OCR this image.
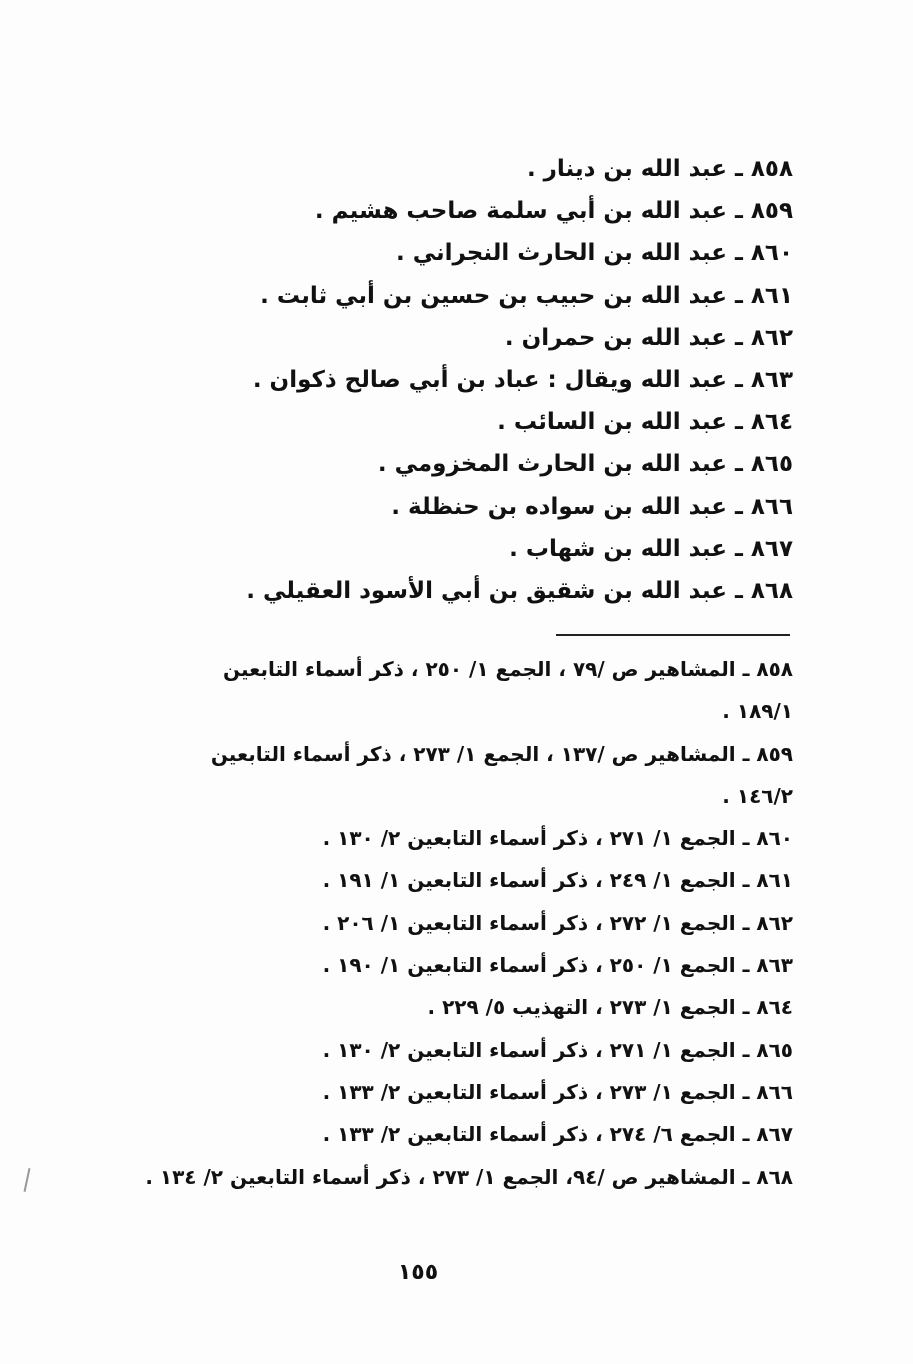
٨٥٨ ـ عبد الله بن دينار .
٨٥٩ ـ عبد الله بن أبي سلمة صاحب هشيم .
٨٦٠ ـ عبد الله بن الحارث النجراني .
٨٦١ ـ عبد الله بن حبيب بن حسين بن أبي ثابت .
٨٦٢ ـ عبد الله بن حمران .
٨٦٣ ـ عبد الله ويقال : عباد بن أبي صالح ذكوان .
٨٦٤ ـ عبد الله بن السائب .
٨٦٥ ـ عبد الله بن الحارث المخزومي .
٨٦٦ ـ عبد الله بن سواده بن حنظلة .
٨٦٧ ـ عبد الله بن شهاب .
٨٦٨ ـ عبد الله بن شقيق بن أبي الأسود العقيلي .
٨٥٨ ـ المشاهير ص /٧٩ ، الجمع ١/ ٢٥٠ ، ذكر أسماء التابعين
١٨٩/١ .
٨٥٩ ـ المشاهير ص /١٣٧ ، الجمع ١/ ٢٧٣ ، ذكر أسماء التابعين
١٤٦/٢ .
٨٦٠ ـ الجمع ١/ ٢٧١ ، ذكر أسماء التابعين ٢/ ١٣٠ .
٨٦١ ـ الجمع ١/ ٢٤٩ ، ذكر أسماء التابعين ١/ ١٩١ .
٨٦٢ ـ الجمع ١/ ٢٧٢ ، ذكر أسماء التابعين ١/ ٢٠٦ .
٨٦٣ ـ الجمع ١/ ٢٥٠ ، ذكر أسماء التابعين ١/ ١٩٠ .
٨٦٤ ـ الجمع ١/ ٢٧٣ ، التهذيب ٥/ ٢٢٩ .
٨٦٥ ـ الجمع ١/ ٢٧١ ، ذكر أسماء التابعين ٢/ ١٣٠ .
٨٦٦ ـ الجمع ١/ ٢٧٣ ، ذكر أسماء التابعين ٢/ ١٣٣ .
٨٦٧ ـ الجمع ٦/ ٢٧٤ ، ذكر أسماء التابعين ٢/ ١٣٣ .
٨٦٨ ـ المشاهير ص /٩٤، الجمع ١/ ٢٧٣ ، ذكر أسماء التابعين ٢/ ١٣٤ .
١٥٥
